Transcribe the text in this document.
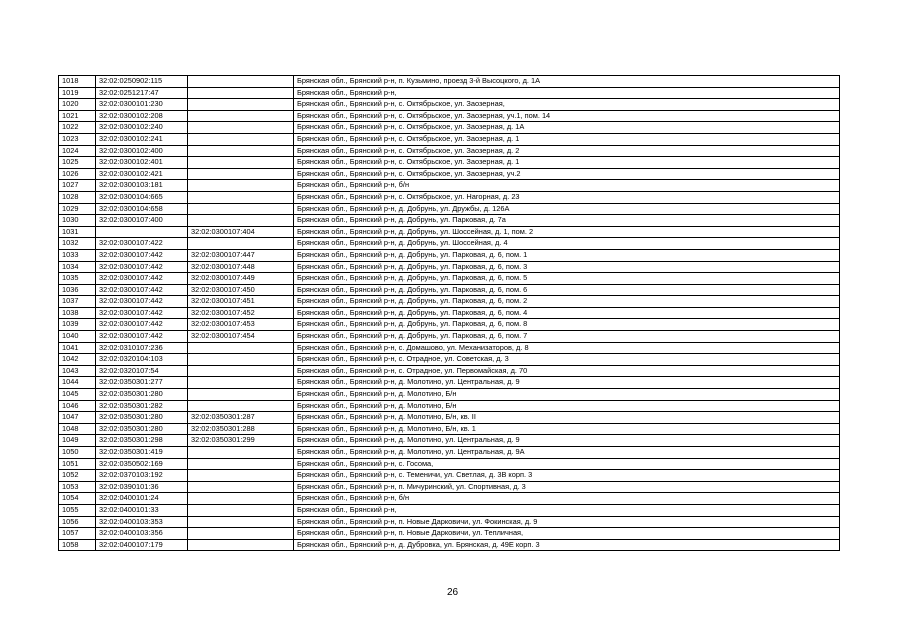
1018	32:02:0250902:115		Брянская обл., Брянский р-н, п. Кузьмино, проезд 3-й Высоцкого, д. 1А
1019	32:02:0251217:47		Брянская обл., Брянский р-н,
1020	32:02:0300101:230		Брянская обл., Брянский р-н, с. Октябрьское, ул. Заозерная,
1021	32:02:0300102:208		Брянская обл., Брянский р-н, с. Октябрьское, ул. Заозерная, уч.1, пом. 14
1022	32:02:0300102:240		Брянская обл., Брянский р-н, с. Октябрьское, ул. Заозерная, д. 1А
1023	32:02:0300102:241		Брянская обл., Брянский р-н, с. Октябрьское, ул. Заозерная, д. 1
1024	32:02:0300102:400		Брянская обл., Брянский р-н, с. Октябрьское, ул. Заозерная, д. 2
1025	32:02:0300102:401		Брянская обл., Брянский р-н, с. Октябрьское, ул. Заозерная, д. 1
1026	32:02:0300102:421		Брянская обл., Брянский р-н, с. Октябрьское, ул. Заозерная, уч.2
1027	32:02:0300103:181		Брянская обл., Брянский р-н, б/н
1028	32:02:0300104:665		Брянская обл., Брянский р-н, с. Октябрьское, ул. Нагорная, д. 23
1029	32:02:0300104:658		Брянская обл., Брянский р-н, д. Добрунь, ул. Дружбы, д. 126А
1030	32:02:0300107:400		Брянская обл., Брянский р-н, д. Добрунь, ул. Парковая, д. 7а
1031		32:02:0300107:404	Брянская обл., Брянский р-н, д. Добрунь, ул. Шоссейная, д. 1, пом. 2
1032	32:02:0300107:422		Брянская обл., Брянский р-н, д. Добрунь, ул. Шоссейная, д. 4
1033	32:02:0300107:442	32:02:0300107:447	Брянская обл., Брянский р-н, д. Добрунь, ул. Парковая, д. 6, пом. 1
1034	32:02:0300107:442	32:02:0300107:448	Брянская обл., Брянский р-н, д. Добрунь, ул. Парковая, д. 6, пом. 3
1035	32:02:0300107:442	32:02:0300107:449	Брянская обл., Брянский р-н, д. Добрунь, ул. Парковая, д. 6, пом. 5
1036	32:02:0300107:442	32:02:0300107:450	Брянская обл., Брянский р-н, д. Добрунь, ул. Парковая, д. 6, пом. 6
1037	32:02:0300107:442	32:02:0300107:451	Брянская обл., Брянский р-н, д. Добрунь, ул. Парковая, д. 6, пом. 2
1038	32:02:0300107:442	32:02:0300107:452	Брянская обл., Брянский р-н, д. Добрунь, ул. Парковая, д. 6, пом. 4
1039	32:02:0300107:442	32:02:0300107:453	Брянская обл., Брянский р-н, д. Добрунь, ул. Парковая, д. 6, пом. 8
1040	32:02:0300107:442	32:02:0300107:454	Брянская обл., Брянский р-н, д. Добрунь, ул. Парковая, д. 6, пом. 7
1041	32:02:0310107:236		Брянская обл., Брянский р-н, с. Домашово, ул. Механизаторов, д. 8
1042	32:02:0320104:103		Брянская обл., Брянский р-н, с. Отрадное, ул. Советская, д. 3
1043	32:02:0320107:54		Брянская обл., Брянский р-н, с. Отрадное, ул. Первомайская, д. 70
1044	32:02:0350301:277		Брянская обл., Брянский р-н, д. Молотино, ул. Центральная, д. 9
1045	32:02:0350301:280		Брянская обл., Брянский р-н, д. Молотино, Б/н
1046	32:02:0350301:282		Брянская обл., Брянский р-н, д. Молотино, Б/н
1047	32:02:0350301:280	32:02:0350301:287	Брянская обл., Брянский р-н, д. Молотино, Б/н, кв. II
1048	32:02:0350301:280	32:02:0350301:288	Брянская обл., Брянский р-н, д. Молотино, Б/н, кв. 1
1049	32:02:0350301:298	32:02:0350301:299	Брянская обл., Брянский р-н, д. Молотино, ул. Центральная, д. 9
1050	32:02:0350301:419		Брянская обл., Брянский р-н, д. Молотино, ул. Центральная, д. 9А
1051	32:02:0350502:169		Брянская обл., Брянский р-н, с. Госома,
1052	32:02:0370103:192		Брянская обл., Брянский р-н, с. Теменичи, ул. Светлая, д. 3В корп. 3
1053	32:02:0390101:36		Брянская обл., Брянский р-н, п. Мичуринский, ул. Спортивная, д. 3
1054	32:02:0400101:24		Брянская обл., Брянский р-н, б/н
1055	32:02:0400101:33		Брянская обл., Брянский р-н,
1056	32:02:0400103:353		Брянская обл., Брянский р-н, п. Новые Дарковичи, ул. Фокинская, д. 9
1057	32:02:0400103:356		Брянская обл., Брянский р-н, п. Новые Дарковичи, ул. Тепличная,
1058	32:02:0400107:179		Брянская обл., Брянский р-н, д. Дубровка, ул. Брянская, д. 49Е корп. 3
26
